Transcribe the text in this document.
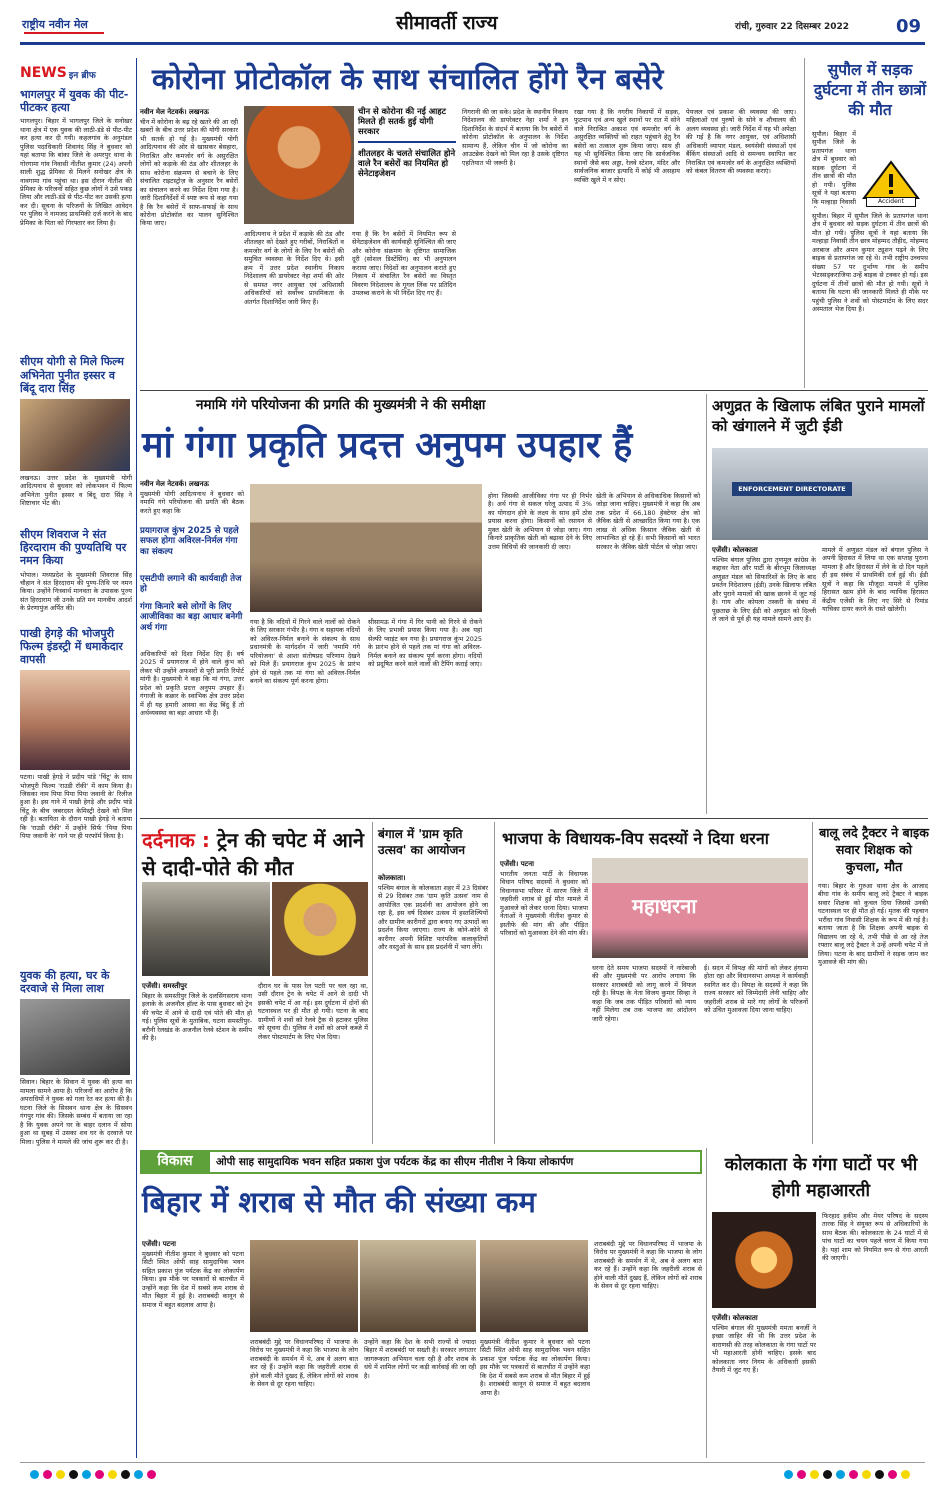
राष्ट्रीय नवीन मेल	सीमावर्ती राज्य	रांची, गुरुवार 22 दिसम्बर 2022	09
NEWS इन ब्रीफ
भागलपुर में युवक की पीट-पीटकर हत्या
भागलपुर। बिहार में भागलपुर जिले के सनोखर थाना क्षेत्र में एक युवक की लाठी-डंडे से पीट-पीट कर हत्या कर दी गयी। कहलगांव के अनुमंडल पुलिस पदाधिकारी शिवानंद सिंह ने बुधवार को यहां बताया कि बांका जिले के अमरपुर थाना के गोरगामा गांव निवासी नीतीश कुमार (24) अपनी साली शुद्ध प्रेमिका से मिलने सनोखर क्षेत्र के नावगामा गांव पहुंचा था। इस दौरान नीतीश की प्रेमिका के परिजनों सहित कुछ लोगों ने उसे पकड़ लिया और लाठी-डंडे से पीट-पीट कर उसकी हत्या कर दी। सूचना के परिजनों के लिखित आवेदन पर पुलिस ने नामजद प्राथमिकी दर्ज करने के बाद प्रेमिका के पिता को गिरफ्तार कर लिया है।
सीएम योगी से मिले फिल्म अभिनेता पुनीत इस्सर व बिंदू दारा सिंह
लखनऊ। उत्तर प्रदेश के मुख्यमंत्री योगी आदित्यनाथ से बुधवार को लोकभवन में फिल्म अभिनेता पुनीत इस्सर व बिंदू दारा सिंह ने शिष्टाचार भेंट की।
सीएम शिवराज ने संत हिरदाराम की पुण्यतिथि पर नमन किया
भोपाल। मध्यप्रदेश के मुख्यमंत्री शिवराज सिंह चौहान ने संत हिरदाराम की पुण्य-तिथि पर नमन किया। उन्होंने निःस्वार्थ मानवता के उपासक पूज्य संत हिरदाराम जी उनके प्रति मन मानवीय आदर्श के प्रेरणापुंज अर्पित की।
पाखी हेगड़े की भोजपुरी फिल्म इंडस्ट्री में धमाकेदार वापसी
पटना। पाखी हेगड़े ने प्रदीप पांडे 'चिंटू' के साथ भोजपुरी फिल्म 'राउडी रॉकी' में काम किया है। जिसका नाम पिया पिया पिया जवानी के' रिलीज हुआ है। इस गाने में पाखी हेगड़े और प्रदीप पांडे चिंटू के बीच जबरदस्त केमिस्ट्री देखने को मिल रही है। बतायिता के दौरान पाखी हेगड़े ने बताया कि 'राउडी रॉकी' में उन्होंने सिर्फ 'पिया पिया पिया जवानी के' गाने पर ही परफॉर्म किया है।
युवक की हत्या, घर के दरवाजे से मिला लाश
सिवान। बिहार के सिवान में युवक की हत्या का मामला सामने आया है। परिजनों का आरोप है कि अपराधियों ने युवक को गला रेत कर हत्या की है। घटना जिले के सिसवन थाना क्षेत्र के सिसवन गंगपुर गांव की। जिसके सम्बंध में बताया जा रहा है कि युवक अपने घर के बाहर दलान में सोया हुआ था सुबह में उसका शव घर के दरवाजे पर मिला। पुलिस ने मामले की जांच शुरू कर दी है।
कोरोना प्रोटोकॉल के साथ संचालित होंगे रैन बसेरे
नवीन मेल नेटवर्क। लखनऊ
चीन में कोरोना के बढ़ रहे खतरे की आ रही खबरों के बीच उत्तर प्रदेश की योगी सरकार भी सतर्क हो गई है। मुख्यमंत्री योगी आदित्यनाथ की ओर से खासकर बेसहारा, निराश्रित और कमजोर वर्ग के असुरक्षित लोगों को कड़ाके की ठंड और शीतलहर के साथ कोरोना संक्रमण से बचाने के लिए संचालित राइटस्ट्रोज़ के अनुसार रैन बसेरों का संचालन करने का निर्देश दिया गया है। जारी दिशानिर्देशों में स्पष्ट रूप से कहा गया है कि रैन बसेरों में साफ-सफाई के साथ कोरोना प्रोटोकॉल का पालन सुनिश्चित किया जाए।
चीन से कोरोना की नई आहट मिलते ही सतर्क हुई योगी सरकार
शीतलहर के चलते संचालित होने वाले रैन बसेरों का नियमित हो सेनेटाइजेशन
आदित्यनाथ ने प्रदेश में कड़ाके की ठंड और शीतलहर को देखते हुए गरीबों, निराश्रितों व कमजोर वर्ग के लोगों के लिए रैन बसेरों की समुचित व्यवस्था के निर्देश दिए थे। इसी क्रम में उत्तर प्रदेश स्थानीय निकाय निदेशालय की डायरेक्टर नेहा शर्मा की ओर से समस्त नगर आयुक्त एवं अधिशासी अधिकारियों को सर्वोच्च प्राथमिकता के अंतर्गत दिशानिर्देश जारी किए हैं।
गया है कि रैन बसेरों में नियमित रूप से सेनेटाइजेशन की कार्यवाही सुनिश्चित की जाए और कोरोना संक्रमण के दृष्टिगत सामाजिक दूरी (सोशल डिस्टेंसिंग) का भी अनुपालन कराया जाए। निदेशों का अनुपालन कराते हुए निकाय में संचालित रैन बसेरों का विस्तृत विवरण निदेशालय के गूगल लिंक पर प्रतिदिन उपलब्ध कराने के भी निर्देश दिए गए हैं।
निगरानी की जा सके। प्रदेश के स्थानीय निकाय निदेशालय की डायरेक्टर नेहा शर्मा ने इन दिशानिर्देश के संदर्भ में बताया कि रैन बसेरों में कोरोना प्रोटोकॉल के अनुपालन के निर्देश सामान्य हैं, लेकिन चीन में जो कोरोना का आउटब्रेक देखने को मिल रहा है उसके दृष्टिगत एहतियात भी जरूरी है।
रखा गया है कि नगरीय निकायों में सड़क, फुटपाथ एवं अन्य खुले स्थानों पर रात में सोने वाले निराश्रित अकाश एवं कमजोर वर्ग के असुरक्षित व्यक्तियों को राहत पहुंचाने हेतु रैन बसेरों का तत्काल शुरू किया जाए। साथ ही यह भी सुनिश्चित किया जाए कि सार्वजनिक स्थानों जैसे बस अड्डा, रेलवे स्टेशन, मंदिर और सार्वजनिक बाजार इत्यादि में कोई भी असहाय व्यक्ति खुले में न सोए।
पेयजल एवं प्रकाश की व्यवस्था की जाए। महिलाओं एवं पुरुषों के सोने व शौचालय की अलग व्यवस्था हो। जारी निर्देश में यह भी अपेक्षा की गई है कि नगर आयुक्त, एवं अधिशासी अधिकारी व्यापार मंडल, स्वयंसेवी संस्थाओं एवं बैंकिंग संस्थाओं आदि से समन्वय स्थापित कर निराश्रित एवं कमजोर वर्ग के अनुरक्षित व्यक्तियों को कंबल वितरण की व्यवस्था कराएं।
सुपौल में सड़क दुर्घटना में तीन छात्रों की मौत
Accident
सुपौल। बिहार में सुपौल जिले के प्रतापगंज थाना क्षेत्र में बुधवार को सड़क दुर्घटना में तीन छात्रों की मौत हो गयी। पुलिस सूत्रों ने यहां बताया कि मल्हाड़ा निवासी
सुपौल। बिहार में सुपौल जिले के प्रतापगंज थाना क्षेत्र में बुधवार को सड़क दुर्घटना में तीन छात्रों की मौत हो गयी। पुलिस सूत्रों ने यहां बताया कि मल्हाड़ा निवासी तीन छात्र मोहम्मद तौहीद, मोहम्मद अरबाज और अमन कुमार ट्यूशन पढ़ने के लिए बाइक से प्रतापगंज जा रहे थे। तभी राष्ट्रीय उच्चपथ संख्या 57 पर दुर्भाग्य गांव के समीप भेटस्सड्कराजिया उन्हें बाइक से टक्कर हो गई। इस दुर्घटना में तीनों छात्रों की मौत हो गयी। सूत्रों ने बताया कि घटना की जानकारी मिलते ही मौके पर पहुंची पुलिस ने शवों को पोस्टमार्टम के लिए सदर अस्पताल भेज दिया है।
नमामि गंगे परियोजना की प्रगति की मुख्यमंत्री ने की समीक्षा
मां गंगा प्रकृति प्रदत्त अनुपम उपहार हैं
नवीन मेल नेटवर्क। लखनऊ
मुख्यमंत्री योगी आदित्यनाथ ने बुधवार को नमामि गंगे परियोजना की प्रगति की बैठक करते हुए कहा कि
प्रयागराज कुंभ 2025 से पहले सफल होगा अविरल-निर्मल गंगा का संकल्प
एसटीपी लगाने की कार्यवाही तेज हो
गंगा किनारे बसे लोगों के लिए आजीविका का बड़ा आधार बनेगी अर्थ गंगा
अधिकारियों को दिशा निर्देश दिए हैं। वर्ष 2025 में प्रयागराज में होने वाले कुंभ को लेकर भी उन्होंने अफसरों से पूरी प्रगति रिपोर्ट मांगी है। मुख्यमंत्री ने कहा कि मां गंगा, उत्तर प्रदेश को प्रकृति प्रदत्त अनुपम उपहार हैं। गंगाजी के कछार के स्वाभिक क्षेत्र उत्तर प्रदेश में ही यह हमारी आस्था का केंद्र बिंदु हैं तो अर्थव्यवस्था का बड़ा आधार भी हैं।
गया है कि नदियों में गिरने वाले नालों को रोकने के लिए सरकार गंभीर है। गंगा व सहायक नदियों को अविरल-निर्मल बनाने के संकल्प के साथ प्रधानमंत्री के मार्गदर्शन में जारी 'नमामि गंगे परियोजना' से आशा संतोषप्रद परिणाम देखने को मिले हैं। प्रयागराज कुंभ 2025 के प्रारंभ होने से पहले तक मां गंगा को अविरल-निर्मल बनाने का संकल्प पूर्ण करना होगा।
सीसामऊ में गंगा में गिर पानी को गिरने से रोकने के लिए प्रभावी प्रयास किया गया है। अब यहां सेल्फी प्वाइंट बन गया है। प्रयागराज कुंभ 2025 के प्रारंभ होने से पहले तक मां गंगा को अविरल-निर्मल बनाने का संकल्प पूर्ण करना होगा। नदियों को प्रदूषित करने वाले नालों की टैपिंग कराई जाए।
होगा जिसकी आजीविका गंगा पर ही निर्भर है। अर्थ गंगा से सकल घरेलू उत्पाद में 3% का योगदान होने के लक्ष्य के साथ हमें ठोस प्रयास करना होगा। किसानों को रसायन से मुक्त खेती के अभियान से जोड़ा जाए। गंगा किनारे प्राकृतिक खेती को बढ़ावा देने के लिए उत्तम विधियों की जानकारी दी जाए।
खेती के अभियान से अधिकाधिक किसानों को जोड़ा जाना चाहिए। मुख्यमंत्री ने कहा कि अब तक प्रदेश में 66,180 हेक्टेयर क्षेत्र को जैविक खेती से आच्छादित किया गया है। एक लाख से अधिक किसान जैविक खेती से लाभान्वित हो रहे हैं। सभी किसानों को भारत सरकार के जैविक खेती पोर्टल से जोड़ा जाए।
अणुव्रत के खिलाफ लंबित पुराने मामलों को खंगालने में जुटी ईडी
ENFORCEMENT DIRECTORATE
एजेंसी। कोलकाता
पश्चिम बंगाल पुलिस द्वारा तृणमूल कांग्रेस के कद्दावर नेता और पार्टी के बीरभूम जिलाध्यक्ष अणुव्रत मंडल को सिफारिशों के लिए के बाद प्रवर्तन निदेशालय (ईडी) उनके खिलाफ लंबित और पुराने मामलों की खाक छानने में जुट गई है। गाय और कोयला तस्करी के संबंध में पूछताछ के लिए ईडी को अणुव्रत को दिल्ली ले जाने से पूर्व ही यह मामले सामने आए हैं।
मामले में अणुव्रत मंडल को बंगाल पुलिस ने अपनी हिरासत में लिया था एक सप्ताह पुराना मामला है और हिरासत में लेने के दो दिन पहले ही इस संबंध में प्राथमिकी दर्ज हुई थी। ईडी सूत्रों ने कहा कि मौजूदा मामले में पुलिस हिरासत खत्म होने के बाद न्यायिक हिरासत केंद्रीय एजेंसी के लिए नए सिरे से रिमांड याचिका दायर करने के रास्ते खोलेगी।
दर्दनाक : ट्रेन की चपेट में आने से दादी-पोते की मौत
एजेंसी। समस्तीपुर
बिहार के समस्तीपुर जिले के दलसिंगसराय थाना इलाके के अजनौल हॉल्ट के पास बुधवार को ट्रेन की चपेट में आने से दादी एवं पोते की मौत हो गई। पुलिस सूत्रों के मुताबिक, घटना समस्तीपुर-बरौनी रेलखंड के अजनौल रेलवे स्टेशन के समीप की है।
दौरान घर के पास रेल पटरी पर चल रहा था, उसी दौरान ट्रेन के चपेट में आने से दादी भी इसकी चपेट में आ गई। इस दुर्घटना में दोनों की घटनास्थल पर ही मौत हो गयी। घटना के बाद ग्रामीणों ने शवों को रेलवे ट्रैक से हटाकर पुलिस को सूचना दी। पुलिस ने शवों को अपने कब्जे में लेकर पोस्टमार्टम के लिए भेज दिया।
बंगाल में 'ग्राम कृति उत्सव' का आयोजन
कोलकाता।
पश्चिम बंगाल के कोलकाता शहर में 23 दिसंबर से 29 दिसंबर तक 'ग्राम कृति उत्सव' नाम से आयोजित एक प्रदर्शनी का आयोजन होने जा रहा है, इस वर्ष दिसंबर उत्सव में हस्तशिल्पियों और ग्रामीण कारीगरों द्वारा बनाए गए उत्पादों का प्रदर्शन किया जाएगा। राज्य के कोने-कोने से कारीगर अपनी विशिष्ट पारंपरिक कलाकृतियों और वस्तुओं के साथ इस प्रदर्शनी में भाग लेंगे।
भाजपा के विधायक-विप सदस्यों ने दिया धरना
एजेंसी। पटना
भारतीय जनता पार्टी के विधायक विधान परिषद सदस्यों ने बुधवार को विधानसभा परिसर में सारण जिले में जहरीली शराब से हुई मौत मामले में मुआवजे को लेकर धरना दिया। भाजपा नेताओं ने मुख्यमंत्री नीतीश कुमार से इस्तीफे की मांग की और पीड़ित परिवारों को मुआवजा देने की मांग की।
महाधरना
धरना देते समय भाजपा सदस्यों ने नारेबाजी की और मुख्यमंत्री पर आरोप लगाया कि सरकार शराबबंदी को लागू करने में विफल रही है। विपक्ष के नेता विजय कुमार सिन्हा ने कहा कि जब तक पीड़ित परिवारों को न्याय नहीं मिलेगा तब तक भाजपा का आंदोलन जारी रहेगा।
ई। सदन में विपक्ष की मांगों को लेकर हंगामा होता रहा और विधानसभा अध्यक्ष ने कार्यवाही स्थगित कर दी। विपक्ष के सदस्यों ने कहा कि राज्य सरकार को जिम्मेदारी लेनी चाहिए और जहरीली शराब से मारे गए लोगों के परिजनों को उचित मुआवजा दिया जाना चाहिए।
बालू लदे ट्रैक्टर ने बाइक सवार शिक्षक को कुचला, मौत
गया। बिहार के गुरुआ थाना क्षेत्र के आजाद बीघा गांव के समीप बालू लदे ट्रैक्टर ने बाइक सवार शिक्षक को कुचल दिया जिससे उनकी घटनास्थल पर ही मौत हो गई। मृतक की पहचान भरौंधा गांव निवासी शिक्षक के रूप में की गई है। बताया जाता है कि शिक्षक अपनी बाइक से विद्यालय जा रहे थे, तभी पीछे से आ रहे तेज रफ्तार बालू लदे ट्रैक्टर ने उन्हें अपनी चपेट में ले लिया। घटना के बाद ग्रामीणों ने सड़क जाम कर मुआवजे की मांग की।
विकास	ओपी साह सामुदायिक भवन सहित प्रकाश पुंज पर्यटक केंद्र का सीएम नीतीश ने किया लोकार्पण
बिहार में शराब से मौत की संख्या कम
एजेंसी। पटना
मुख्यमंत्री नीतीश कुमार ने बुधवार को पटना सिटी स्थित ओपी साह सामुदायिक भवन सहित प्रकाश पुंज पर्यटक केंद्र का लोकार्पण किया। इस मौके पर पत्रकारों से बातचीत में उन्होंने कहा कि देश में सबसे कम शराब से मौत बिहार में हुई है। शराबबंदी कानून से समाज में बहुत बदलाव आया है।
शराबबंदी मुद्दे पर विधानपरिषद में भाजपा के विरोध पर मुख्यमंत्री ने कहा कि भाजपा के लोग शराबबंदी के समर्थन में थे, अब वे अलग बात कर रहे हैं। उन्होंने कहा कि जहरीली शराब से होने वाली मौतें दुखद हैं, लेकिन लोगों को शराब के सेवन से दूर रहना चाहिए।
उन्होंने कहा कि देश के सभी राज्यों से ज्यादा बिहार में शराबबंदी पर सख्ती है। सरकार लगातार जागरूकता अभियान चला रही है और शराब के धंधे में शामिल लोगों पर कड़ी कार्रवाई की जा रही है।
मुख्यमंत्री नीतीश कुमार ने बुधवार को पटना सिटी स्थित ओपी साह सामुदायिक भवन सहित प्रकाश पुंज पर्यटक केंद्र का लोकार्पण किया। इस मौके पर पत्रकारों से बातचीत में उन्होंने कहा कि देश में सबसे कम शराब से मौत बिहार में हुई है। शराबबंदी कानून से समाज में बहुत बदलाव आया है।
शराबबंदी मुद्दे पर विधानपरिषद में भाजपा के विरोध पर मुख्यमंत्री ने कहा कि भाजपा के लोग शराबबंदी के समर्थन में थे, अब वे अलग बात कर रहे हैं। उन्होंने कहा कि जहरीली शराब से होने वाली मौतें दुखद हैं, लेकिन लोगों को शराब के सेवन से दूर रहना चाहिए।
कोलकाता के गंगा घाटों पर भी होगी महाआरती
एजेंसी। कोलकाता
पश्चिम बंगाल की मुख्यमंत्री ममता बनर्जी ने इच्छा जाहिर की थी कि उत्तर प्रदेश के वाराणसी की तरह कोलकाता के गंगा घाटों पर भी महाआरती होनी चाहिए। इसके बाद कोलकाता नगर निगम के अधिकारी इसकी तैयारी में जुट गए हैं।
फिरहाद हकीम और मेयर परिषद के सदस्य तारक सिंह ने संयुक्त रूप से अधिकारियों के साथ बैठक की। कोलकाता के 24 घाटों में से पांच घाटों का चयन पहले चरण में किया गया है। यहां शाम को नियमित रूप से गंगा आरती की जाएगी।
